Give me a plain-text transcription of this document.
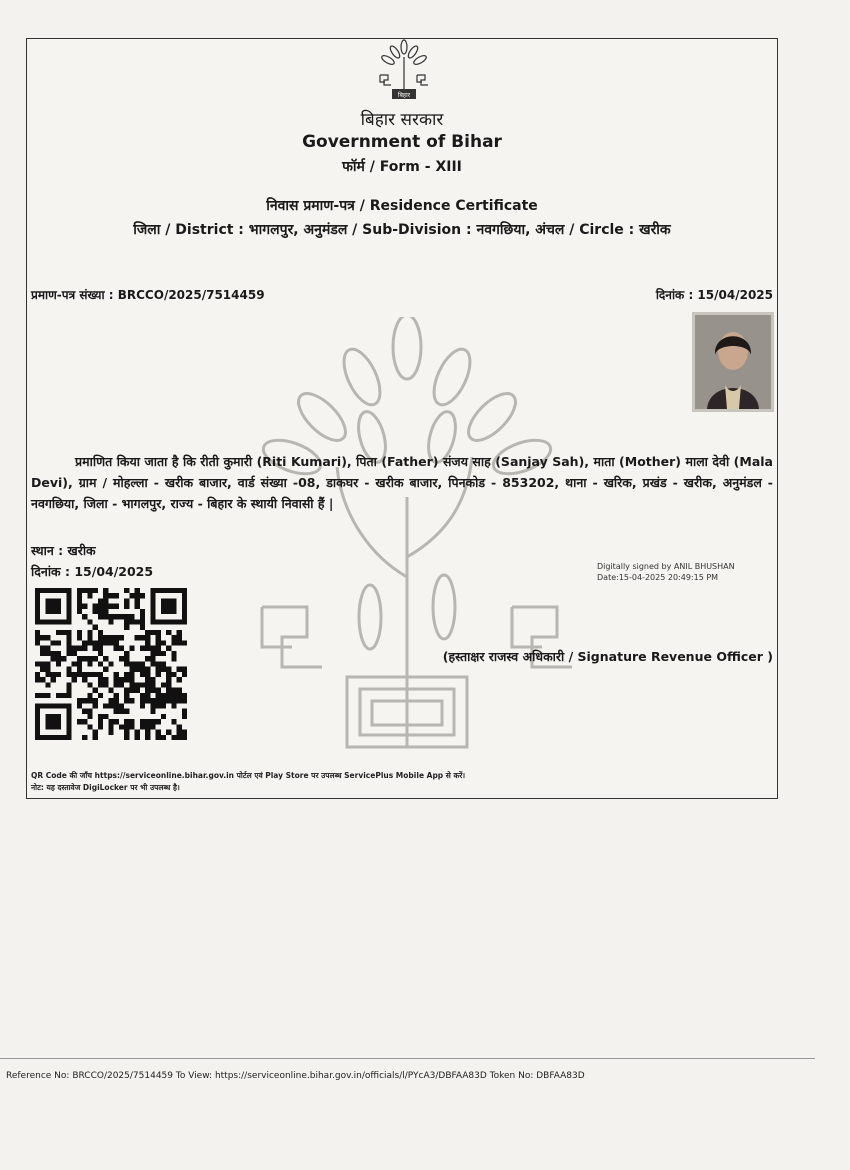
बिहार
बिहार सरकार
Government of Bihar
फॉर्म / Form - XIII
निवास प्रमाण-पत्र / Residence Certificate
जिला / District : भागलपुर, अनुमंडल / Sub-Division : नवगछिया, अंचल / Circle : खरीक
प्रमाण-पत्र संख्या : BRCCO/2025/7514459	दिनांक : 15/04/2025
प्रमाणित किया जाता है कि रीती कुमारी (Riti Kumari), पिता (Father) संजय साह (Sanjay Sah), माता (Mother) माला देवी (Mala Devi), ग्राम / मोहल्ला - खरीक बाजार, वार्ड संख्या -08, डाकघर - खरीक बाजार, पिनकोड - 853202, थाना - खरिक, प्रखंड - खरीक, अनुमंडल - नवगछिया, जिला - भागलपुर, राज्य - बिहार के स्थायी निवासी हैं |
स्थान : खरीक
दिनांक : 15/04/2025	Digitally signed by ANIL BHUSHAN
Date:15-04-2025 20:49:15 PM
(हस्ताक्षर राजस्व अधिकारी / Signature Revenue Officer )
QR Code की जाँच https://serviceonline.bihar.gov.in पोर्टल एवं Play Store पर उपलब्ध ServicePlus Mobile App से करें।
नोट: यह दस्तावेज DigiLocker पर भी उपलब्ध है।
Reference No: BRCCO/2025/7514459 To View: https://serviceonline.bihar.gov.in/officials/l/PYcA3/DBFAA83D Token No: DBFAA83D
